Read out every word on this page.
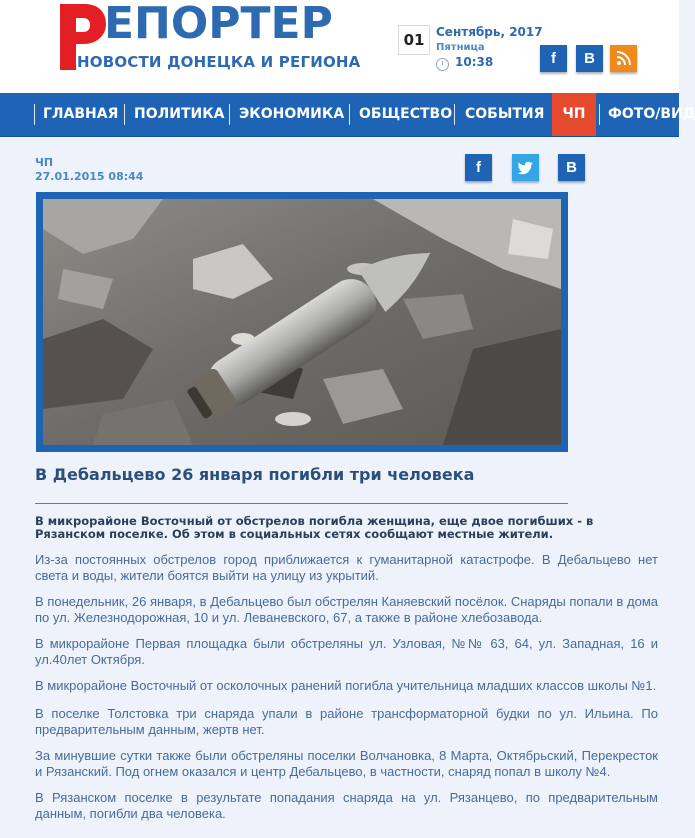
ЕПОРТЕР
НОВОСТИ ДОНЕЦКА И РЕГИОНА
01 Сентябрь, 2017
Пятница
10:38	f	B
ГЛАВНАЯ ПОЛИТИКА ЭКОНОМИКА ОБЩЕСТВО СОБЫТИЯ	ЧП	ФОТО/ВИД
ЧП
27.01.2015 08:44
f	B
В Дебальцево 26 января погибли три человека
В микрорайоне Восточный от обстрелов погибла женщина, еще двое погибших - в Рязанском поселке. Об этом в социальных сетях сообщают местные жители.

Из-за постоянных обстрелов город приближается к гуманитарной катастрофе. В Дебальцево нет света и воды, жители боятся выйти на улицу из укрытий.

В понедельник, 26 января, в Дебальцево был обстрелян Каняевский посёлок. Снаряды попали в дома по ул. Железнодорожная, 10 и ул. Леваневского, 67, а также в районе хлебозавода.

В микрорайоне Первая площадка были обстреляны ул. Узловая, №№ 63, 64, ул. Западная, 16 и ул.40лет Октября.

В микрорайоне Восточный от осколочных ранений погибла учительница младших классов школы №1.

В поселке Толстовка три снаряда упали в районе трансформаторной будки по ул. Ильина. По предварительным данным, жертв нет.

За минувшие сутки также были обстреляны поселки Волчановка, 8 Марта, Октябрьский, Перекресток и Рязанский. Под огнем оказался и центр Дебальцево, в частности, снаряд попал в школу №4.

В Рязанском поселке в результате попадания снаряда на ул. Рязанцево, по предварительным данным, погибли два человека.
